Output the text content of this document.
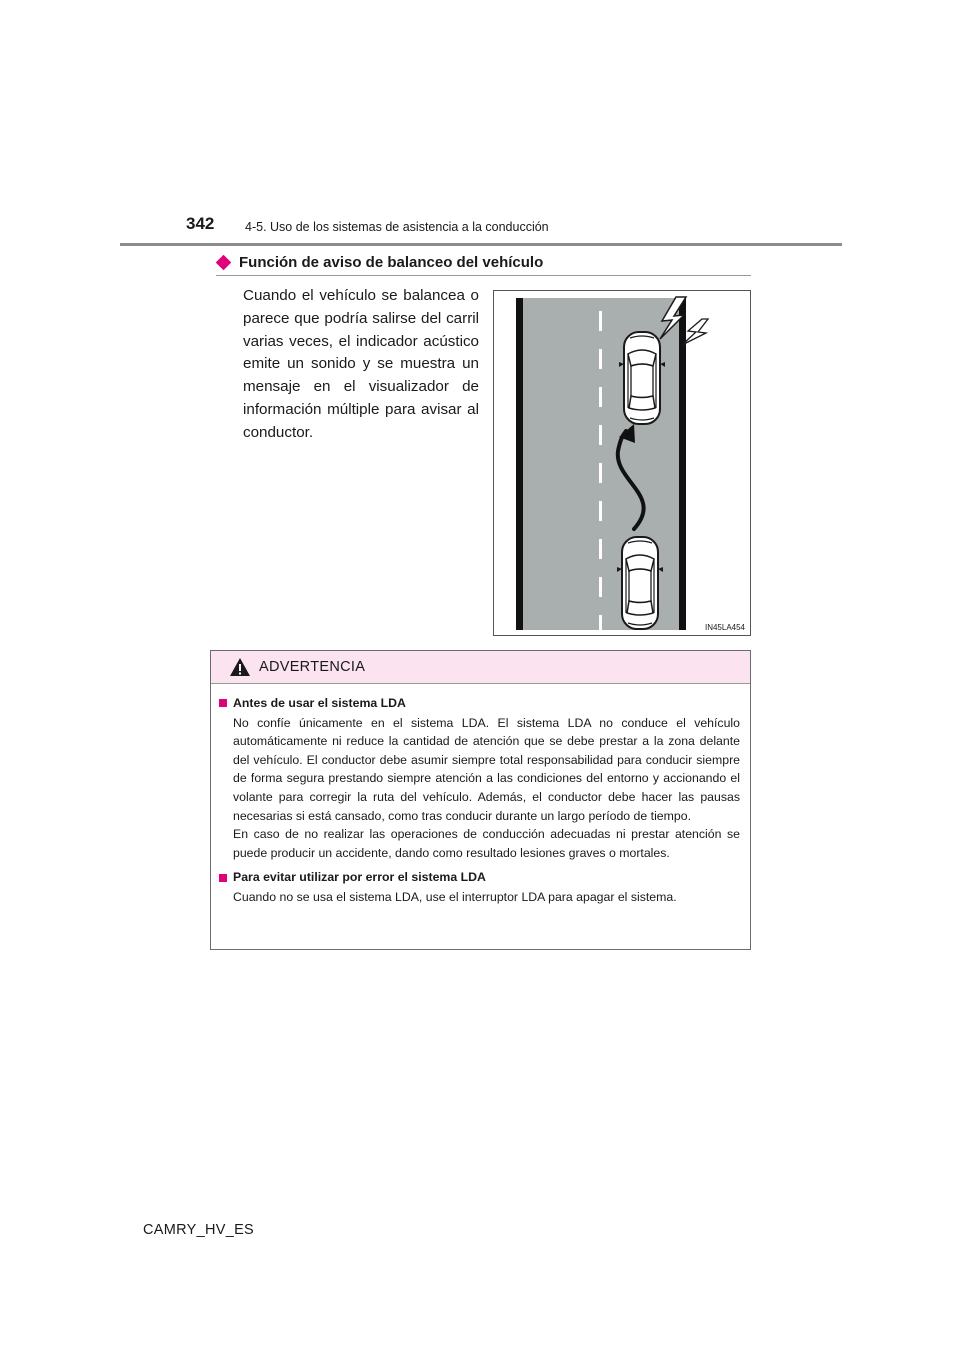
342 4-5. Uso de los sistemas de asistencia a la conducción
Función de aviso de balanceo del vehículo
Cuando el vehículo se balancea o parece que podría salirse del carril varias veces, el indicador acústico emite un sonido y se muestra un mensaje en el visualizador de información múltiple para avisar al conductor.
IN45LA454
ADVERTENCIA
Antes de usar el sistema LDA

No confíe únicamente en el sistema LDA. El sistema LDA no conduce el vehículo automáticamente ni reduce la cantidad de atención que se debe prestar a la zona delante del vehículo. El conductor debe asumir siempre total responsabilidad para conducir siempre de forma segura prestando siempre atención a las condiciones del entorno y accionando el volante para corregir la ruta del vehículo. Además, el conductor debe hacer las pausas necesarias si está cansado, como tras conducir durante un largo período de tiempo.

En caso de no realizar las operaciones de conducción adecuadas ni prestar atención se puede producir un accidente, dando como resultado lesiones graves o mortales.

Para evitar utilizar por error el sistema LDA

Cuando no se usa el sistema LDA, use el interruptor LDA para apagar el sistema.

CAMRY_HV_ES
